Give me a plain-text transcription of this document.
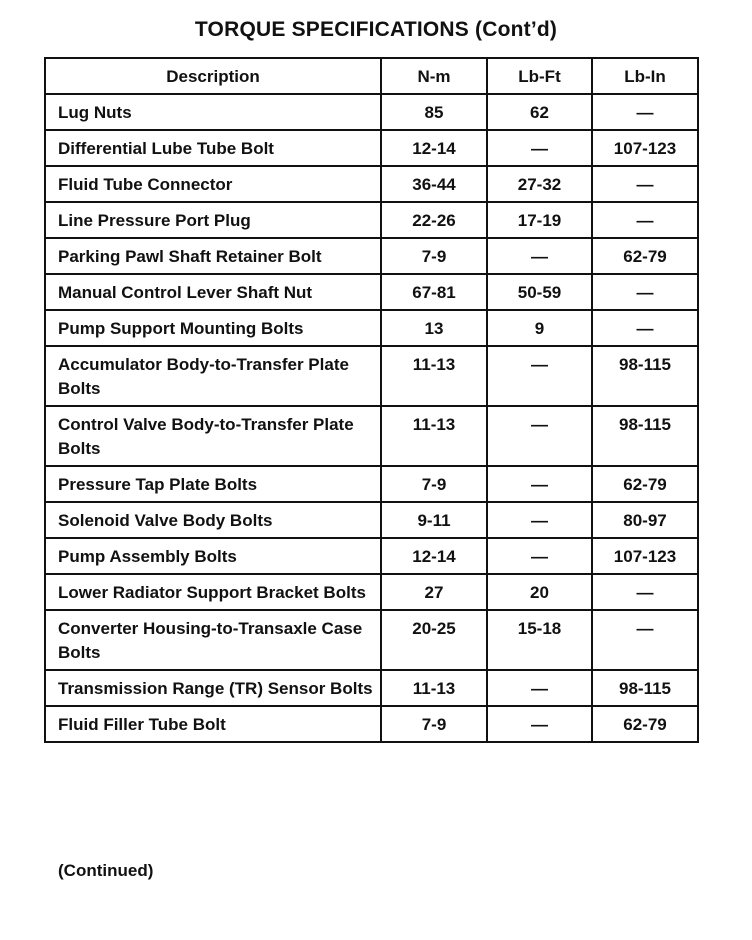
TORQUE SPECIFICATIONS (Cont’d)
Description	N-m	Lb-Ft	Lb-In
Lug Nuts	85	62	—
Differential Lube Tube Bolt	12-14	—	107-123
Fluid Tube Connector	36-44	27-32	—
Line Pressure Port Plug	22-26	17-19	—
Parking Pawl Shaft Retainer Bolt	7-9	—	62-79
Manual Control Lever Shaft Nut	67-81	50-59	—
Pump Support Mounting Bolts	13	9	—
Accumulator Body-to-Transfer Plate Bolts	11-13	—	98-115
Control Valve Body-to-Transfer Plate Bolts	11-13	—	98-115
Pressure Tap Plate Bolts	7-9	—	62-79
Solenoid Valve Body Bolts	9-11	—	80-97
Pump Assembly Bolts	12-14	—	107-123
Lower Radiator Support Bracket Bolts	27	20	—
Converter Housing-to-Transaxle Case Bolts	20-25	15-18	—
Transmission Range (TR) Sensor Bolts	11-13	—	98-115
Fluid Filler Tube Bolt	7-9	—	62-79
(Continued)
